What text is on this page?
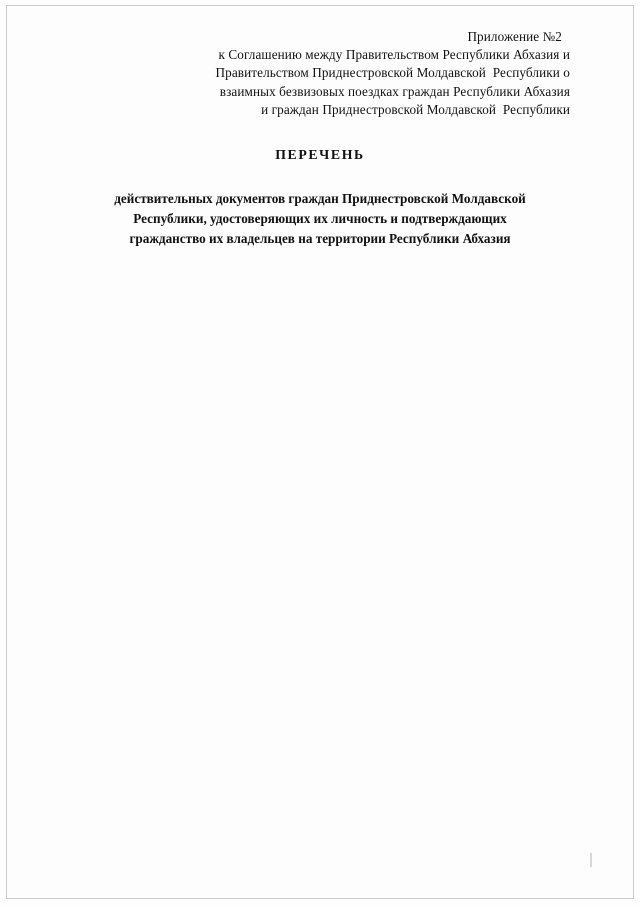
Приложение №2
к Соглашению между Правительством Республики Абхазия и
Правительством Приднестровской Молдавской  Республики о
взаимных безвизовых поездках граждан Республики Абхазия
и граждан Приднестровской Молдавской  Республики
ПЕРЕЧЕНЬ
действительных документов граждан Приднестровской Молдавской
Республики, удостоверяющих их личность и подтверждающих
гражданство их владельцев на территории Республики Абхазия
